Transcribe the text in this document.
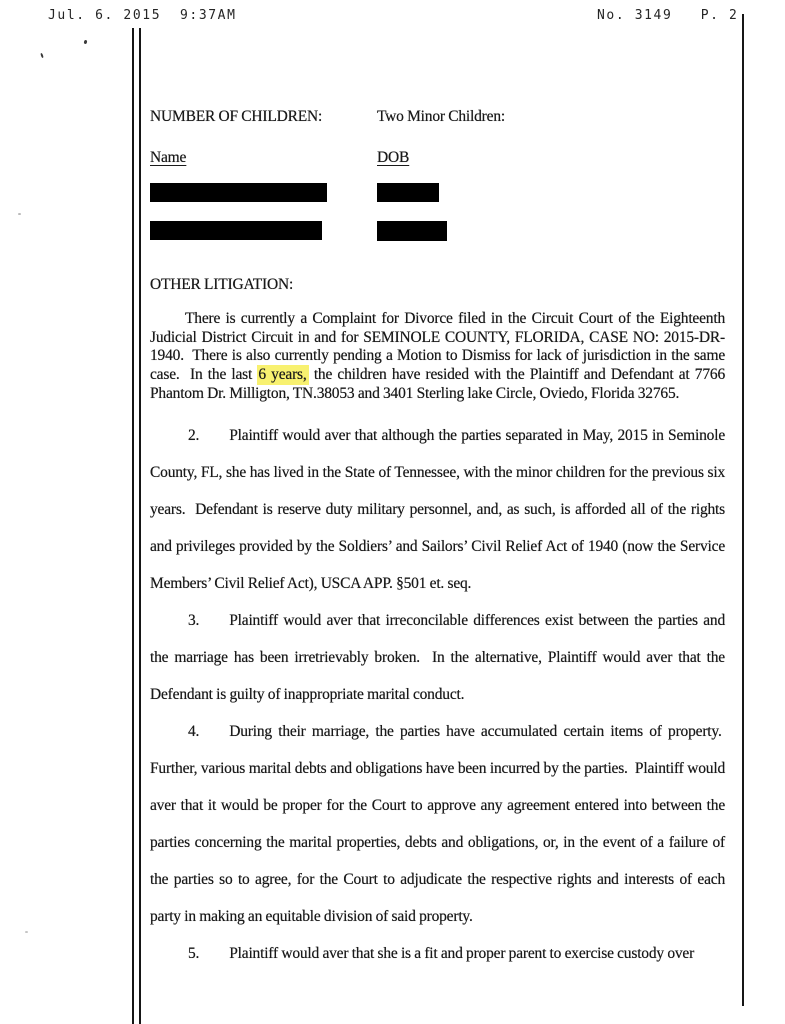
Jul. 6. 2015  9:37AM	No. 3149   P. 2
NUMBER OF CHILDREN:	Two Minor Children:
Name	DOB
OTHER LITIGATION:

There is currently a Complaint for Divorce filed in the Circuit Court of the Eighteenth Judicial District Circuit in and for SEMINOLE COUNTY, FLORIDA, CASE NO: 2015-DR-1940.  There is also currently pending a Motion to Dismiss for lack of jurisdiction in the same case.  In the last 6 years, the children have resided with the Plaintiff and Defendant at 7766 Phantom Dr. Milligton, TN.38053 and 3401 Sterling lake Circle, Oviedo, Florida 32765.

2. Plaintiff would aver that although the parties separated in May, 2015 in Seminole County, FL, she has lived in the State of Tennessee, with the minor children for the previous six years.  Defendant is reserve duty military personnel, and, as such, is afforded all of the rights and privileges provided by the Soldiers’ and Sailors’ Civil Relief Act of 1940 (now the Service Members’ Civil Relief Act), USCA APP. §501 et. seq.

3. Plaintiff would aver that irreconcilable differences exist between the parties and the marriage has been irretrievably broken.  In the alternative, Plaintiff would aver that the Defendant is guilty of inappropriate marital conduct.

4. During their marriage, the parties have accumulated certain items of property.  Further, various marital debts and obligations have been incurred by the parties.  Plaintiff would aver that it would be proper for the Court to approve any agreement entered into between the parties concerning the marital properties, debts and obligations, or, in the event of a failure of the parties so to agree, for the Court to adjudicate the respective rights and interests of each party in making an equitable division of said property.

5. Plaintiff would aver that she is a fit and proper parent to exercise custody over
